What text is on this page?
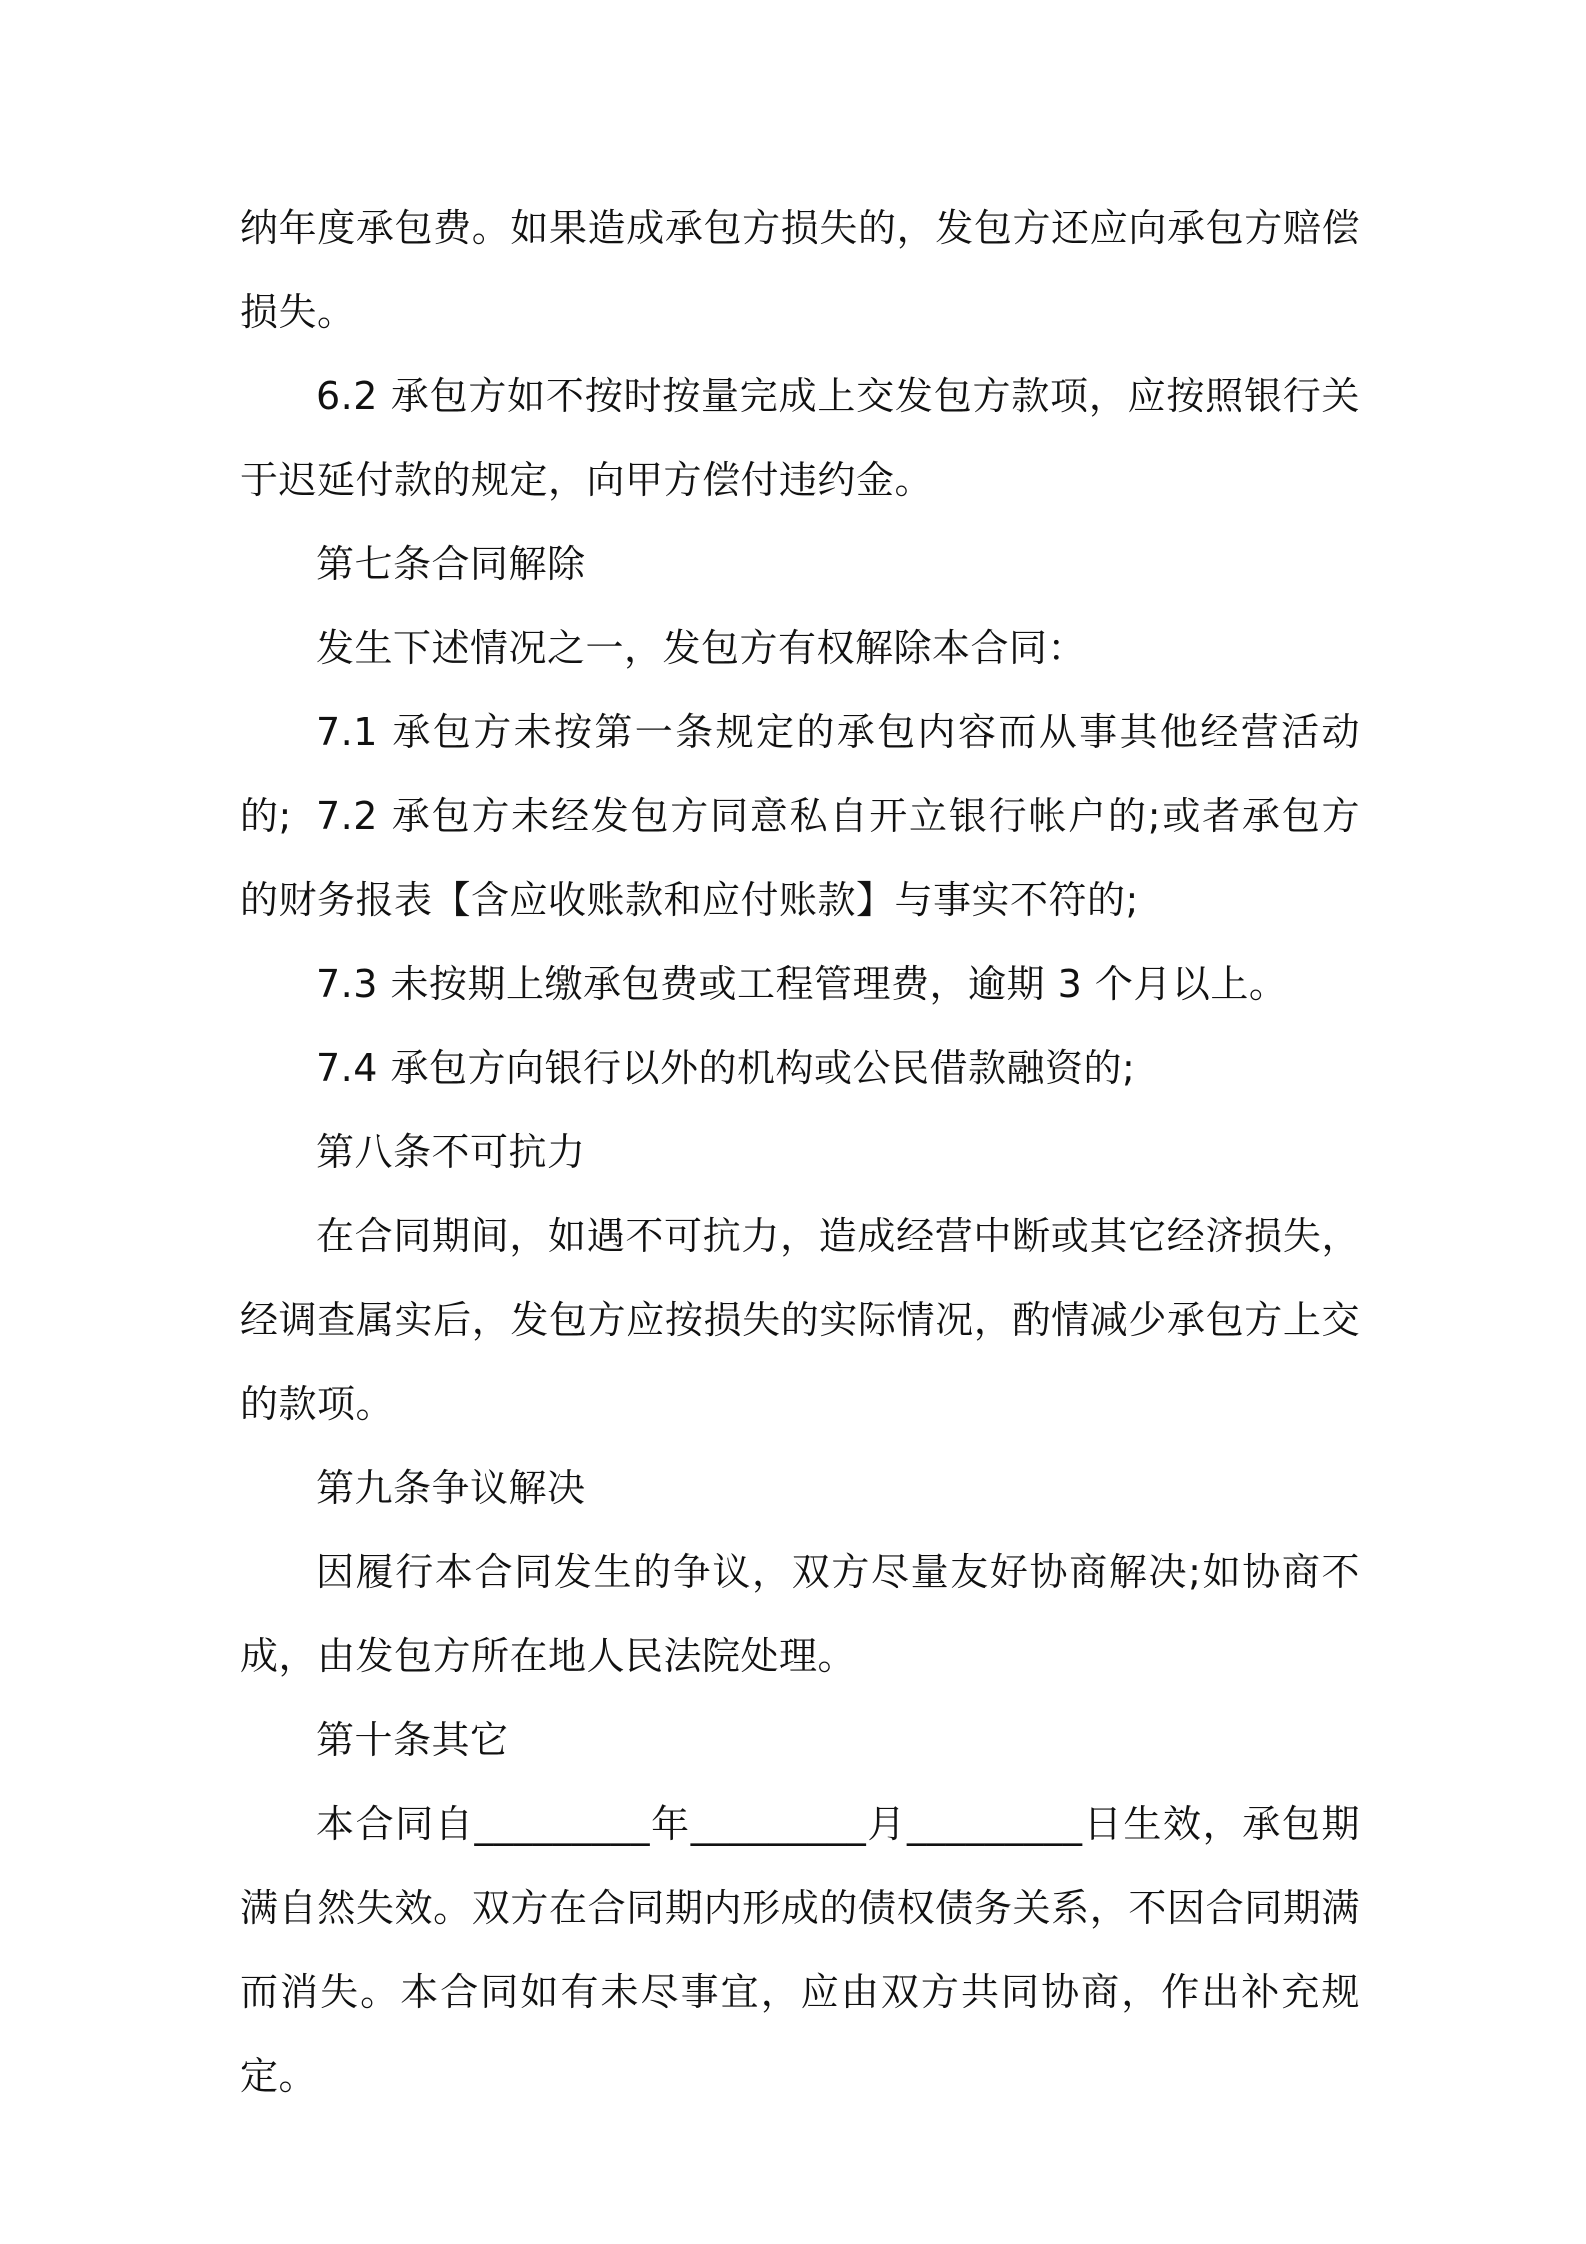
纳年度承包费。如果造成承包方损失的，发包方还应向承包方赔偿损失。

6.2 承包方如不按时按量完成上交发包方款项，应按照银行关于迟延付款的规定，向甲方偿付违约金。

第七条合同解除

发生下述情况之一，发包方有权解除本合同：

7.1 承包方未按第一条规定的承包内容而从事其他经营活动的; 7.2 承包方未经发包方同意私自开立银行帐户的;或者承包方的财务报表【含应收账款和应付账款】与事实不符的;

7.3 未按期上缴承包费或工程管理费，逾期 3 个月以上。

7.4 承包方向银行以外的机构或公民借款融资的;

第八条不可抗力

在合同期间，如遇不可抗力，造成经营中断或其它经济损失，经调查属实后，发包方应按损失的实际情况，酌情减少承包方上交的款项。

第九条争议解决

因履行本合同发生的争议，双方尽量友好协商解决;如协商不成，由发包方所在地人民法院处理。

第十条其它

本合同自_________年_________月_________日生效，承包期满自然失效。双方在合同期内形成的债权债务关系，不因合同期满而消失。本合同如有未尽事宜，应由双方共同协商，作出补充规定。
